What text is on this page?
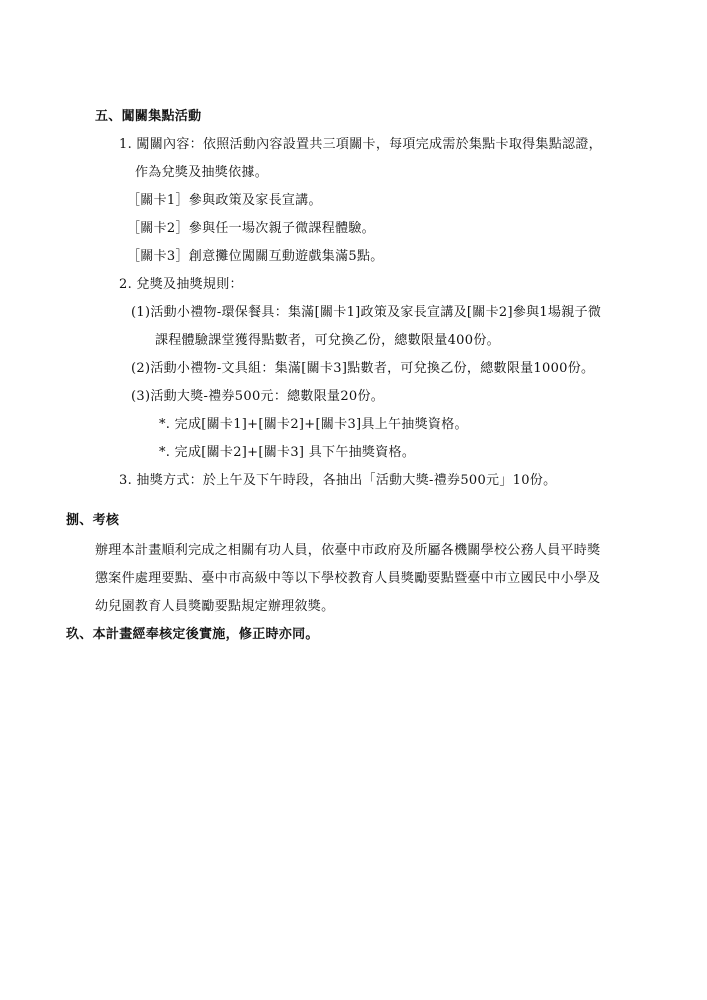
五、闖關集點活動
1. 闖關內容：依照活動內容設置共三項關卡，每項完成需於集點卡取得集點認證，
作為兌獎及抽獎依據。
［關卡1］參與政策及家長宣講。
［關卡2］參與任一場次親子微課程體驗。
［關卡3］創意攤位闖關互動遊戲集滿5點。
2. 兌獎及抽獎規則：
(1)活動小禮物-環保餐具：集滿[關卡1]政策及家長宣講及[關卡2]參與1場親子微
課程體驗課堂獲得點數者，可兌換乙份，總數限量400份。
(2)活動小禮物-文具組：集滿[關卡3]點數者，可兌換乙份，總數限量1000份。
(3)活動大獎-禮券500元：總數限量20份。
*. 完成[關卡1]+[關卡2]+[關卡3]具上午抽獎資格。
*. 完成[關卡2]+[關卡3] 具下午抽獎資格。
3. 抽獎方式：於上午及下午時段，各抽出「活動大獎-禮券500元」10份。
捌、考核
辦理本計畫順利完成之相關有功人員，依臺中市政府及所屬各機關學校公務人員平時獎
懲案件處理要點、臺中市高級中等以下學校教育人員獎勵要點暨臺中市立國民中小學及
幼兒園教育人員獎勵要點規定辦理敘獎。
玖、本計畫經奉核定後實施，修正時亦同。
